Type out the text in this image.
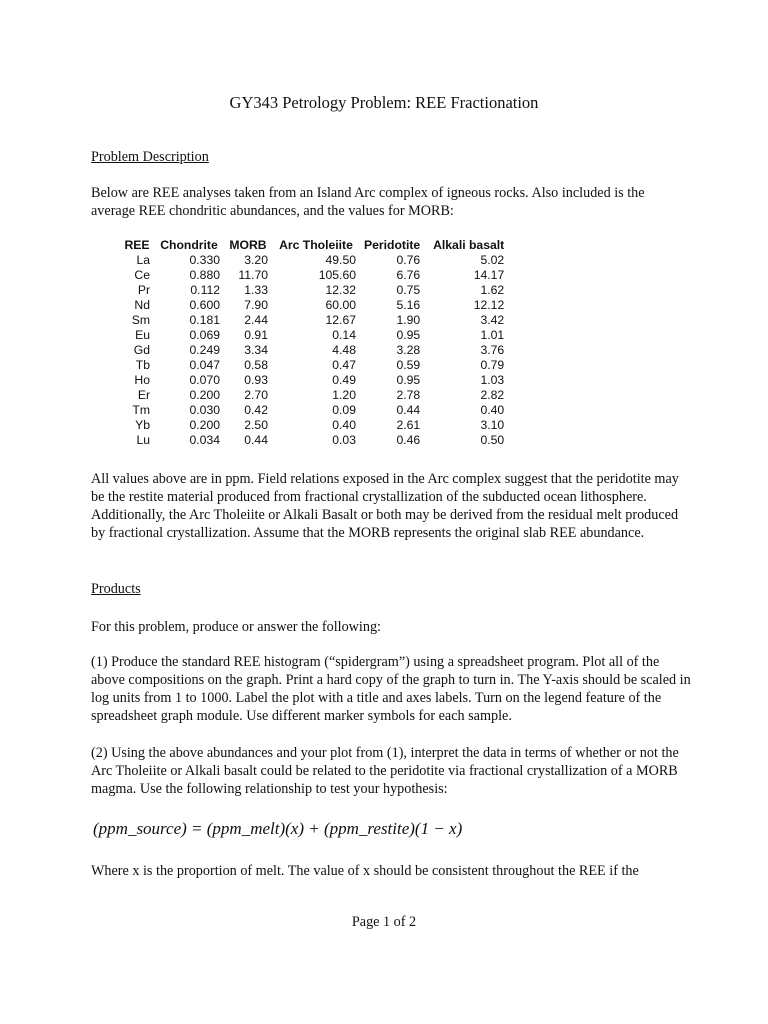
GY343 Petrology Problem: REE Fractionation
Problem Description
Below are REE analyses taken from an Island Arc complex of igneous rocks. Also included is the average REE chondritic abundances, and the values for MORB:
REE	Chondrite	MORB	Arc Tholeiite	Peridotite	Alkali basalt
La	0.330	3.20	49.50	0.76	5.02
Ce	0.880	11.70	105.60	6.76	14.17
Pr	0.112	1.33	12.32	0.75	1.62
Nd	0.600	7.90	60.00	5.16	12.12
Sm	0.181	2.44	12.67	1.90	3.42
Eu	0.069	0.91	0.14	0.95	1.01
Gd	0.249	3.34	4.48	3.28	3.76
Tb	0.047	0.58	0.47	0.59	0.79
Ho	0.070	0.93	0.49	0.95	1.03
Er	0.200	2.70	1.20	2.78	2.82
Tm	0.030	0.42	0.09	0.44	0.40
Yb	0.200	2.50	0.40	2.61	3.10
Lu	0.034	0.44	0.03	0.46	0.50
All values above are in ppm. Field relations exposed in the Arc complex suggest that the peridotite may be the restite material produced from fractional crystallization of the subducted ocean lithosphere. Additionally, the Arc Tholeiite or Alkali Basalt or both may be derived from the residual melt produced by fractional crystallization. Assume that the MORB represents the original slab REE abundance.
Products
For this problem, produce or answer the following:
(1) Produce the standard REE histogram (“spidergram”) using a spreadsheet program. Plot all of the above compositions on the graph. Print a hard copy of the graph to turn in. The Y-axis should be scaled in log units from 1 to 1000. Label the plot with a title and axes labels. Turn on the legend feature of the spreadsheet graph module. Use different marker symbols for each sample.
(2) Using the above abundances and your plot from (1), interpret the data in terms of whether or not the Arc Tholeiite or Alkali basalt could be related to the peridotite via fractional crystallization of a MORB magma. Use the following relationship to test your hypothesis:
(ppm_source) = (ppm_melt)(x) + (ppm_restite)(1 − x)
Where x is the proportion of melt. The value of x should be consistent throughout the REE if the
Page 1 of 2
